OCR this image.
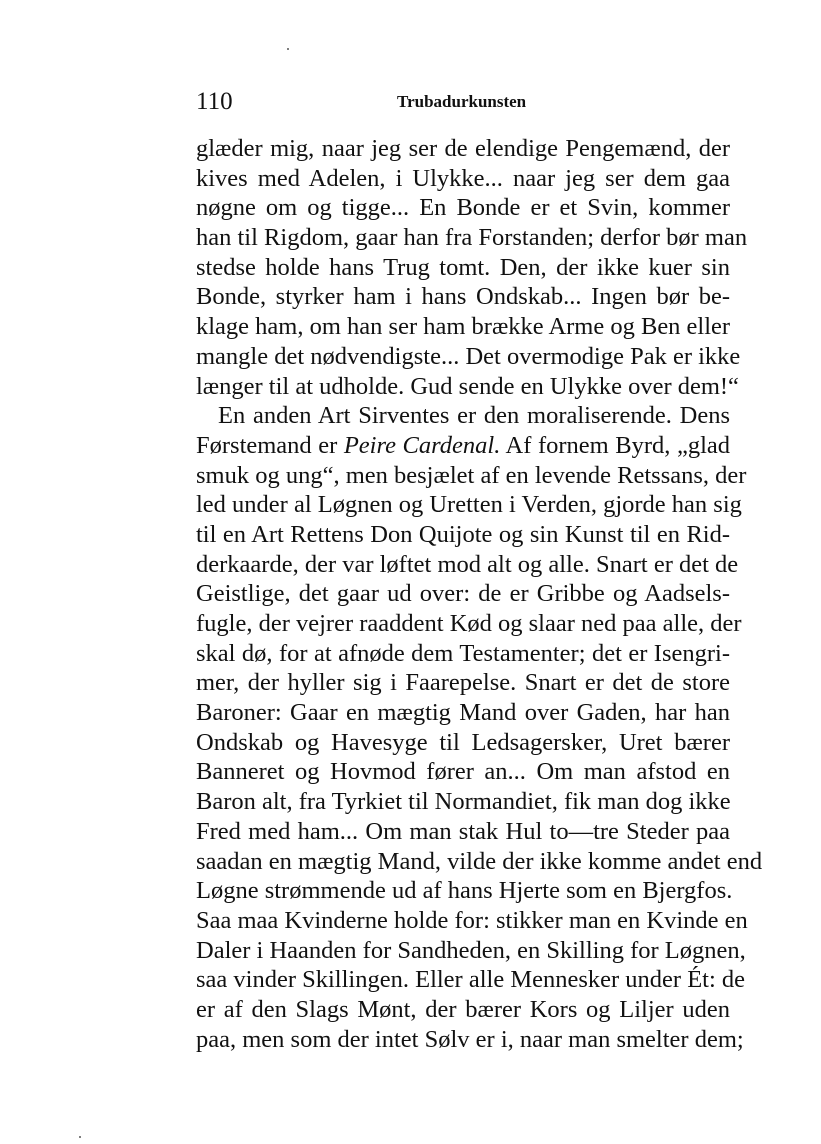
110	Trubadurkunsten
glæder mig, naar jeg ser de elendige Pengemænd, der
kives med Adelen, i Ulykke... naar jeg ser dem gaa
nøgne om og tigge... En Bonde er et Svin, kommer
han til Rigdom, gaar han fra Forstanden; derfor bør man
stedse holde hans Trug tomt. Den, der ikke kuer sin
Bonde, styrker ham i hans Ondskab... Ingen bør be-
klage ham, om han ser ham brække Arme og Ben eller
mangle det nødvendigste... Det overmodige Pak er ikke
længer til at udholde. Gud sende en Ulykke over dem!“
En anden Art Sirventes er den moraliserende. Dens
Førstemand er Peire Cardenal. Af fornem Byrd, „glad
smuk og ung“, men besjælet af en levende Retssans, der
led under al Løgnen og Uretten i Verden, gjorde han sig
til en Art Rettens Don Quijote og sin Kunst til en Rid-
derkaarde, der var løftet mod alt og alle. Snart er det de
Geistlige, det gaar ud over: de er Gribbe og Aadsels-
fugle, der vejrer raaddent Kød og slaar ned paa alle, der
skal dø, for at afnøde dem Testamenter; det er Isengri-
mer, der hyller sig i Faarepelse. Snart er det de store
Baroner: Gaar en mægtig Mand over Gaden, har han
Ondskab og Havesyge til Ledsagersker, Uret bærer
Banneret og Hovmod fører an... Om man afstod en
Baron alt, fra Tyrkiet til Normandiet, fik man dog ikke
Fred med ham... Om man stak Hul to—tre Steder paa
saadan en mægtig Mand, vilde der ikke komme andet end
Løgne strømmende ud af hans Hjerte som en Bjergfos.
Saa maa Kvinderne holde for: stikker man en Kvinde en
Daler i Haanden for Sandheden, en Skilling for Løgnen,
saa vinder Skillingen. Eller alle Mennesker under Ét: de
er af den Slags Mønt, der bærer Kors og Liljer uden
paa, men som der intet Sølv er i, naar man smelter dem;
